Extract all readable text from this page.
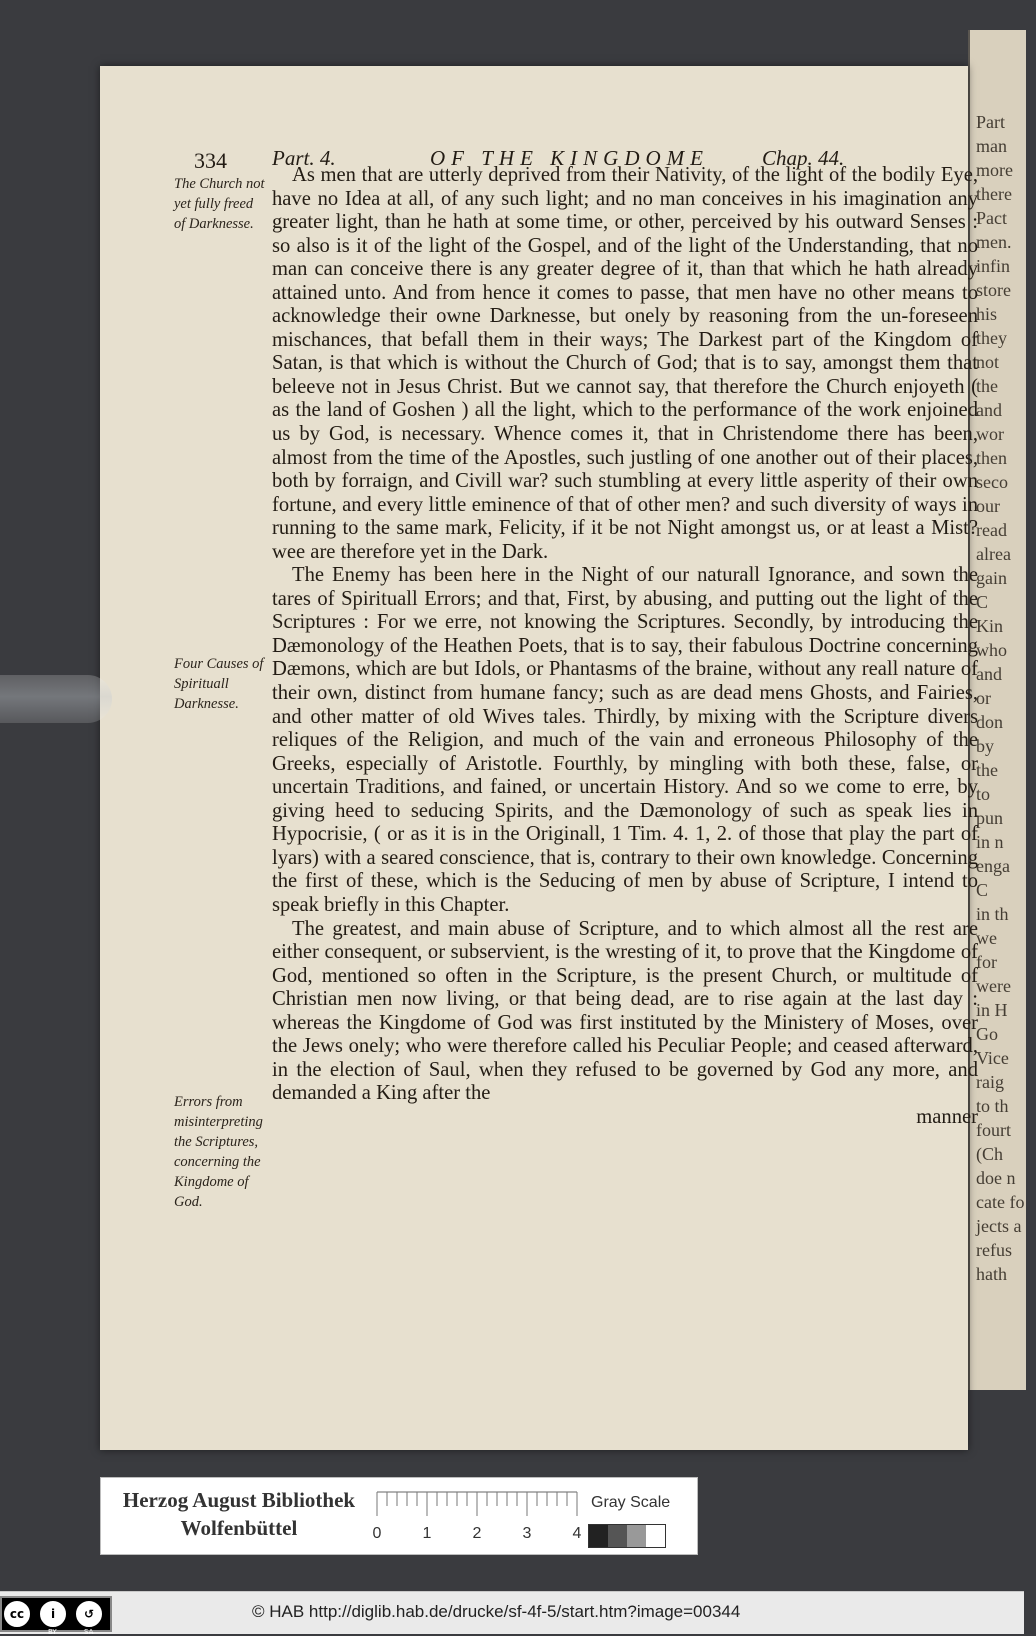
Part
man
more
there
Pact
men.
infin
store
his
they
not
the
and
wor
then
seco
our
read
alrea
gain
C
Kin
who
and
or
don
by
the
to
pun
in n
enga
C
in th
we
for
were
in H
Go
Vice
raig
to th
fourt
(Ch
doe n
cate fo
jects a
refus
hath
334 Part. 4.	OF THE KINGDOME	Chap. 44.
The Church not yet fully freed of Darknesse.
Four Causes of Spirituall Darknesse.
Errors from misinterpreting the Scriptures, concerning the Kingdome of God.

As men that are utterly deprived from their Nativity, of the light of the bodily Eye, have no Idea at all, of any such light; and no man conceives in his imagination any greater light, than he hath at some time, or other, perceived by his outward Senses : so also is it of the light of the Gospel, and of the light of the Understanding, that no man can conceive there is any greater degree of it, than that which he hath already attained unto. And from hence it comes to passe, that men have no other means to acknowledge their owne Darknesse, but onely by reasoning from the un-foreseen mischances, that befall them in their ways; The Darkest part of the Kingdom of Satan, is that which is without the Church of God; that is to say, amongst them that beleeve not in Jesus Christ. But we cannot say, that therefore the Church enjoyeth ( as the land of Goshen ) all the light, which to the performance of the work enjoined us by God, is necessary. Whence comes it, that in Christendome there has been, almost from the time of the Apostles, such justling of one another out of their places, both by forraign, and Civill war? such stumbling at every little asperity of their own fortune, and every little eminence of that of other men? and such diversity of ways in running to the same mark, Felicity, if it be not Night amongst us, or at least a Mist? wee are therefore yet in the Dark.

The Enemy has been here in the Night of our naturall Ignorance, and sown the tares of Spirituall Errors; and that, First, by abusing, and putting out the light of the Scriptures : For we erre, not knowing the Scriptures. Secondly, by introducing the Dæmonology of the Heathen Poets, that is to say, their fabulous Doctrine concerning Dæmons, which are but Idols, or Phantasms of the braine, without any reall nature of their own, distinct from humane fancy; such as are dead mens Ghosts, and Fairies, and other matter of old Wives tales. Thirdly, by mixing with the Scripture divers reliques of the Religion, and much of the vain and erroneous Philosophy of the Greeks, especially of Aristotle. Fourthly, by mingling with both these, false, or uncertain Traditions, and fained, or uncertain History. And so we come to erre, by giving heed to seducing Spirits, and the Dæmonology of such as speak lies in Hypocrisie, ( or as it is in the Originall, 1 Tim. 4. 1, 2. of those that play the part of lyars) with a seared conscience, that is, contrary to their own knowledge. Concerning the first of these, which is the Seducing of men by abuse of Scripture, I intend to speak briefly in this Chapter.

The greatest, and main abuse of Scripture, and to which almost all the rest are either consequent, or subservient, is the wresting of it, to prove that the Kingdome of God, mentioned so often in the Scripture, is the present Church, or multitude of Christian men now living, or that being dead, are to rise again at the last day : whereas the Kingdome of God was first instituted by the Ministery of Moses, over the Jews onely; who were therefore called his Peculiar People; and ceased afterward, in the election of Saul, when they refused to be governed by God any more, and demanded a King after the

manner
Herzog August Bibliothek
Wolfenbüttel	0	1	2	3	4
Gray Scale
cc	i	↺
BY	SA
© HAB http://diglib.hab.de/drucke/sf-4f-5/start.htm?image=00344
